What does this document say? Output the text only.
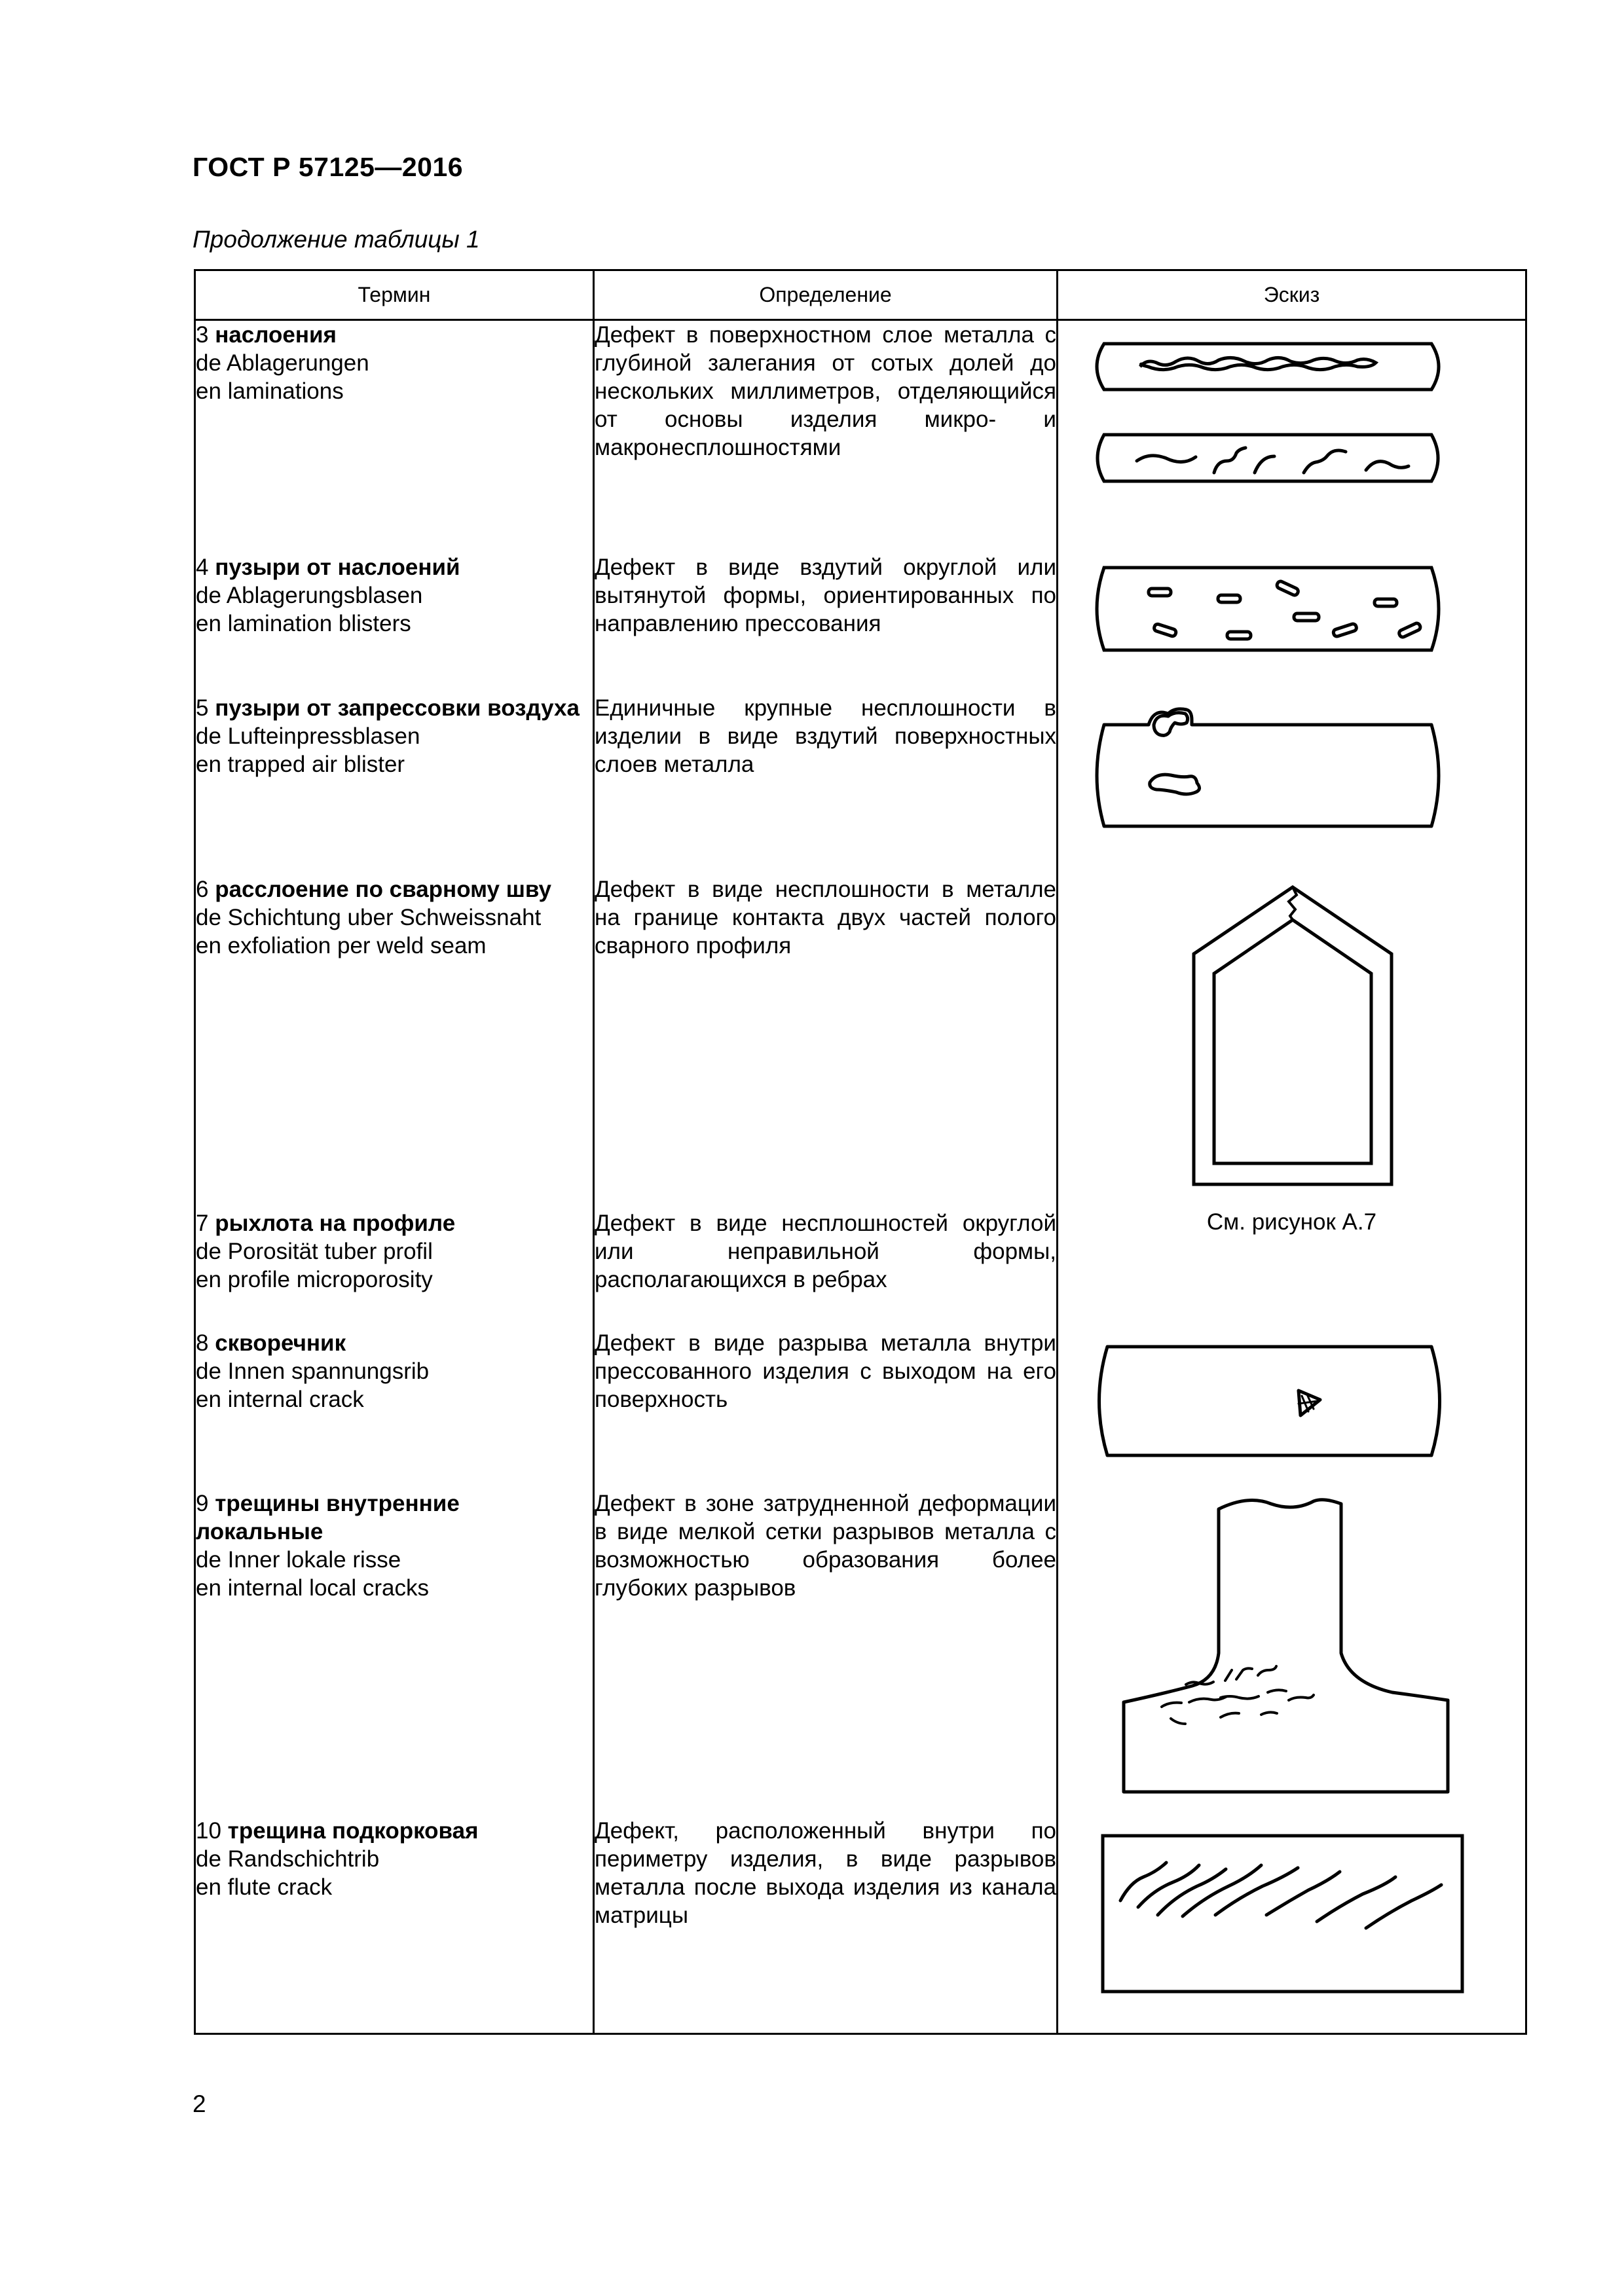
ГОСТ Р 57125—2016
Продолжение таблицы 1
Термин	Определение	Эскиз

3 наслоения
de Ablagerungen
en laminations	Дефект в поверхностном слое металла с глубиной залегания от сотых долей до нескольких миллиметров, отделяющийся от основы изделия микро- и макронесплошностями	

4 пузыри от наслоений
de Ablagerungsblasen
en lamination blisters	Дефект в виде вздутий округлой или вытянутой формы, ориентированных по направлению прессования	

5 пузыри от запрессовки воздуха
de Lufteinpressblasen
en trapped air blister	Единичные крупные несплошности в изделии в виде вздутий поверхностных слоев металла	

6 расслоение по сварному шву
de Schichtung uber Schweissnaht
en exfoliation per weld seam	Дефект в виде несплошности в металле на границе контакта двух частей полого сварного профиля	

7 рыхлота на профиле
de Porosität tuber profil
en profile microporosity	Дефект в виде несплошностей округлой или неправильной формы, располагающихся в ребрах	См. рисунок А.7

8 скворечник
de Innen spannungsrib
en internal crack	Дефект в виде разрыва металла внутри прессованного изделия с выходом на его поверхность	

9 трещины внутренние локальные
de Inner lokale risse
en internal local cracks	Дефект в зоне затрудненной деформации в виде мелкой сетки разрывов металла с возможностью образования более глубоких разрывов	

10 трещина подкорковая
de Randschichtrib
en flute crack	Дефект, расположенный внутри по периметру изделия, в виде разрывов металла после выхода изделия из канала матрицы	
2
